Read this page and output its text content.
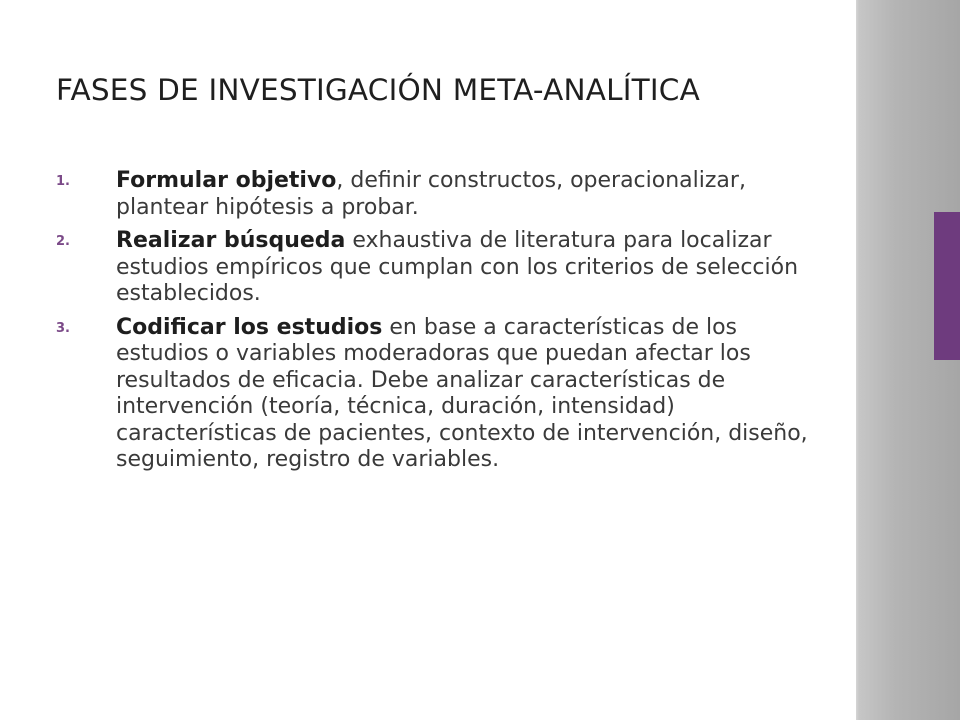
FASES DE INVESTIGACIÓN META-ANALÍTICA
1. Formular objetivo, definir constructos, operacionalizar, plantear hipótesis a probar.
2. Realizar búsqueda exhaustiva de literatura para localizar estudios empíricos que cumplan con los criterios de selección establecidos.
3. Codificar los estudios en base a características de los estudios o variables moderadoras que puedan afectar los resultados de eficacia. Debe analizar características de intervención (teoría, técnica, duración, intensidad) características de pacientes, contexto de intervención, diseño, seguimiento, registro de variables.
